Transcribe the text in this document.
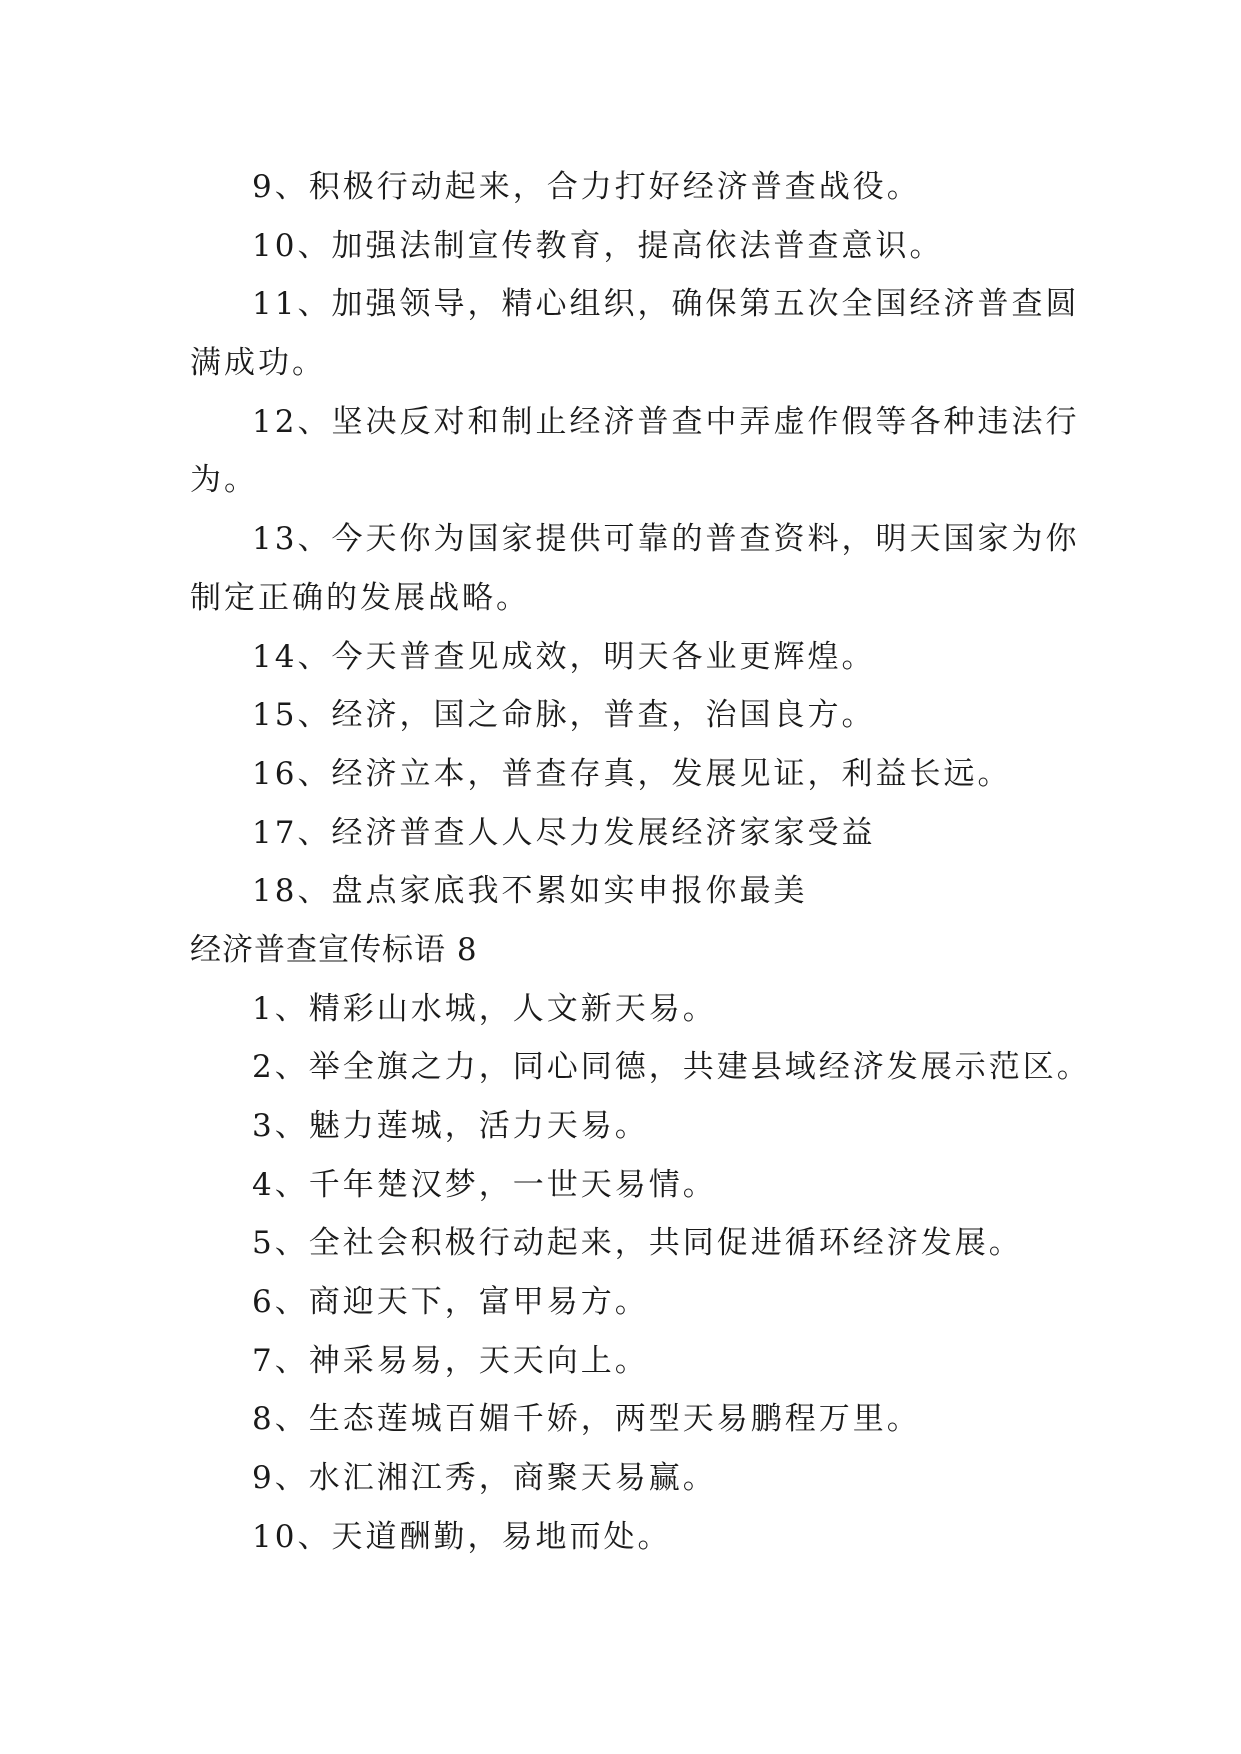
9、积极行动起来，合力打好经济普查战役。

10、加强法制宣传教育，提高依法普查意识。

11、加强领导，精心组织，确保第五次全国经济普查圆

满成功。

12、坚决反对和制止经济普查中弄虚作假等各种违法行

为。

13、今天你为国家提供可靠的普查资料，明天国家为你

制定正确的发展战略。

14、今天普查见成效，明天各业更辉煌。

15、经济，国之命脉，普查，治国良方。

16、经济立本，普查存真，发展见证，利益长远。

17、经济普查人人尽力发展经济家家受益

18、盘点家底我不累如实申报你最美

经济普查宣传标语 8

1、精彩山水城，人文新天易。

2、举全旗之力，同心同德，共建县域经济发展示范区。

3、魅力莲城，活力天易。

4、千年楚汉梦，一世天易情。

5、全社会积极行动起来，共同促进循环经济发展。

6、商迎天下，富甲易方。

7、神采易易，天天向上。

8、生态莲城百媚千娇，两型天易鹏程万里。

9、水汇湘江秀，商聚天易赢。

10、天道酬勤，易地而处。
